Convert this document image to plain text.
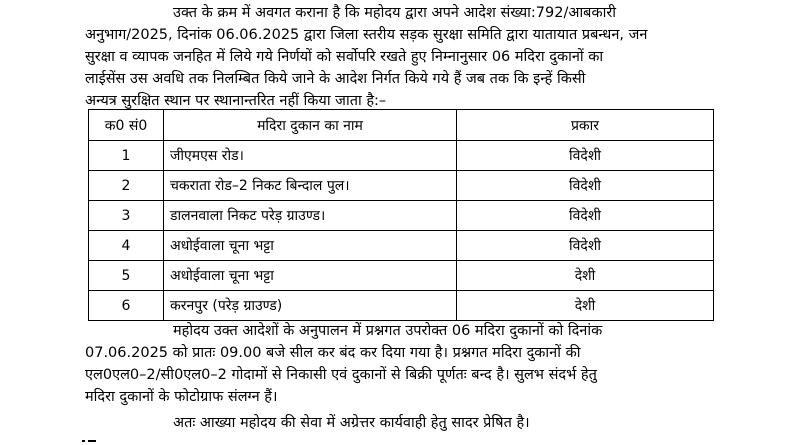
उक्त के क्रम में अवगत कराना है कि महोदय द्वारा अपने आदेश संख्या:792/आबकारी
अनुभाग/2025, दिनांक 06.06.2025 द्वारा जिला स्तरीय सड़क सुरक्षा समिति द्वारा यातायात प्रबन्धन, जन
सुरक्षा व व्यापक जनहित में लिये गये निर्णयों को सर्वोपरि रखते हुए निम्नानुसार 06 मदिरा दुकानों का
लाईसेंस उस अवधि तक निलम्बित किये जाने के आदेश निर्गत किये गये हैं जब तक कि इन्हें किसी
अन्यत्र सुरक्षित स्थान पर स्थानान्तरित नहीं किया जाता है:–
क0 सं0	मदिरा दुकान का नाम	प्रकार
1	जीएमएस रोड।	विदेशी
2	चकराता रोड–2 निकट बिन्दाल पुल।	विदेशी
3	डालनवाला निकट परेड़ ग्राउण्ड।	विदेशी
4	अधोईवाला चूना भट्टा	विदेशी
5	अधोईवाला चूना भट्टा	देशी
6	करनपुर (परेड़ ग्राउण्ड)	देशी
महोदय उक्त आदेशों के अनुपालन में प्रश्नगत उपरोक्त 06 मदिरा दुकानों को दिनांक
07.06.2025 को प्रातः 09.00 बजे सील कर बंद कर दिया गया है। प्रश्नगत मदिरा दुकानों की
एल0एल0–2/सी0एल0–2 गोदामों से निकासी एवं दुकानों से बिक्री पूर्णतः बन्द है। सुलभ संदर्भ हेतु
मदिरा दुकानों के फोटोग्राफ संलग्न हैं।
अतः आख्या महोदय की सेवा में अग्रेत्तर कार्यवाही हेतु सादर प्रेषित है।
